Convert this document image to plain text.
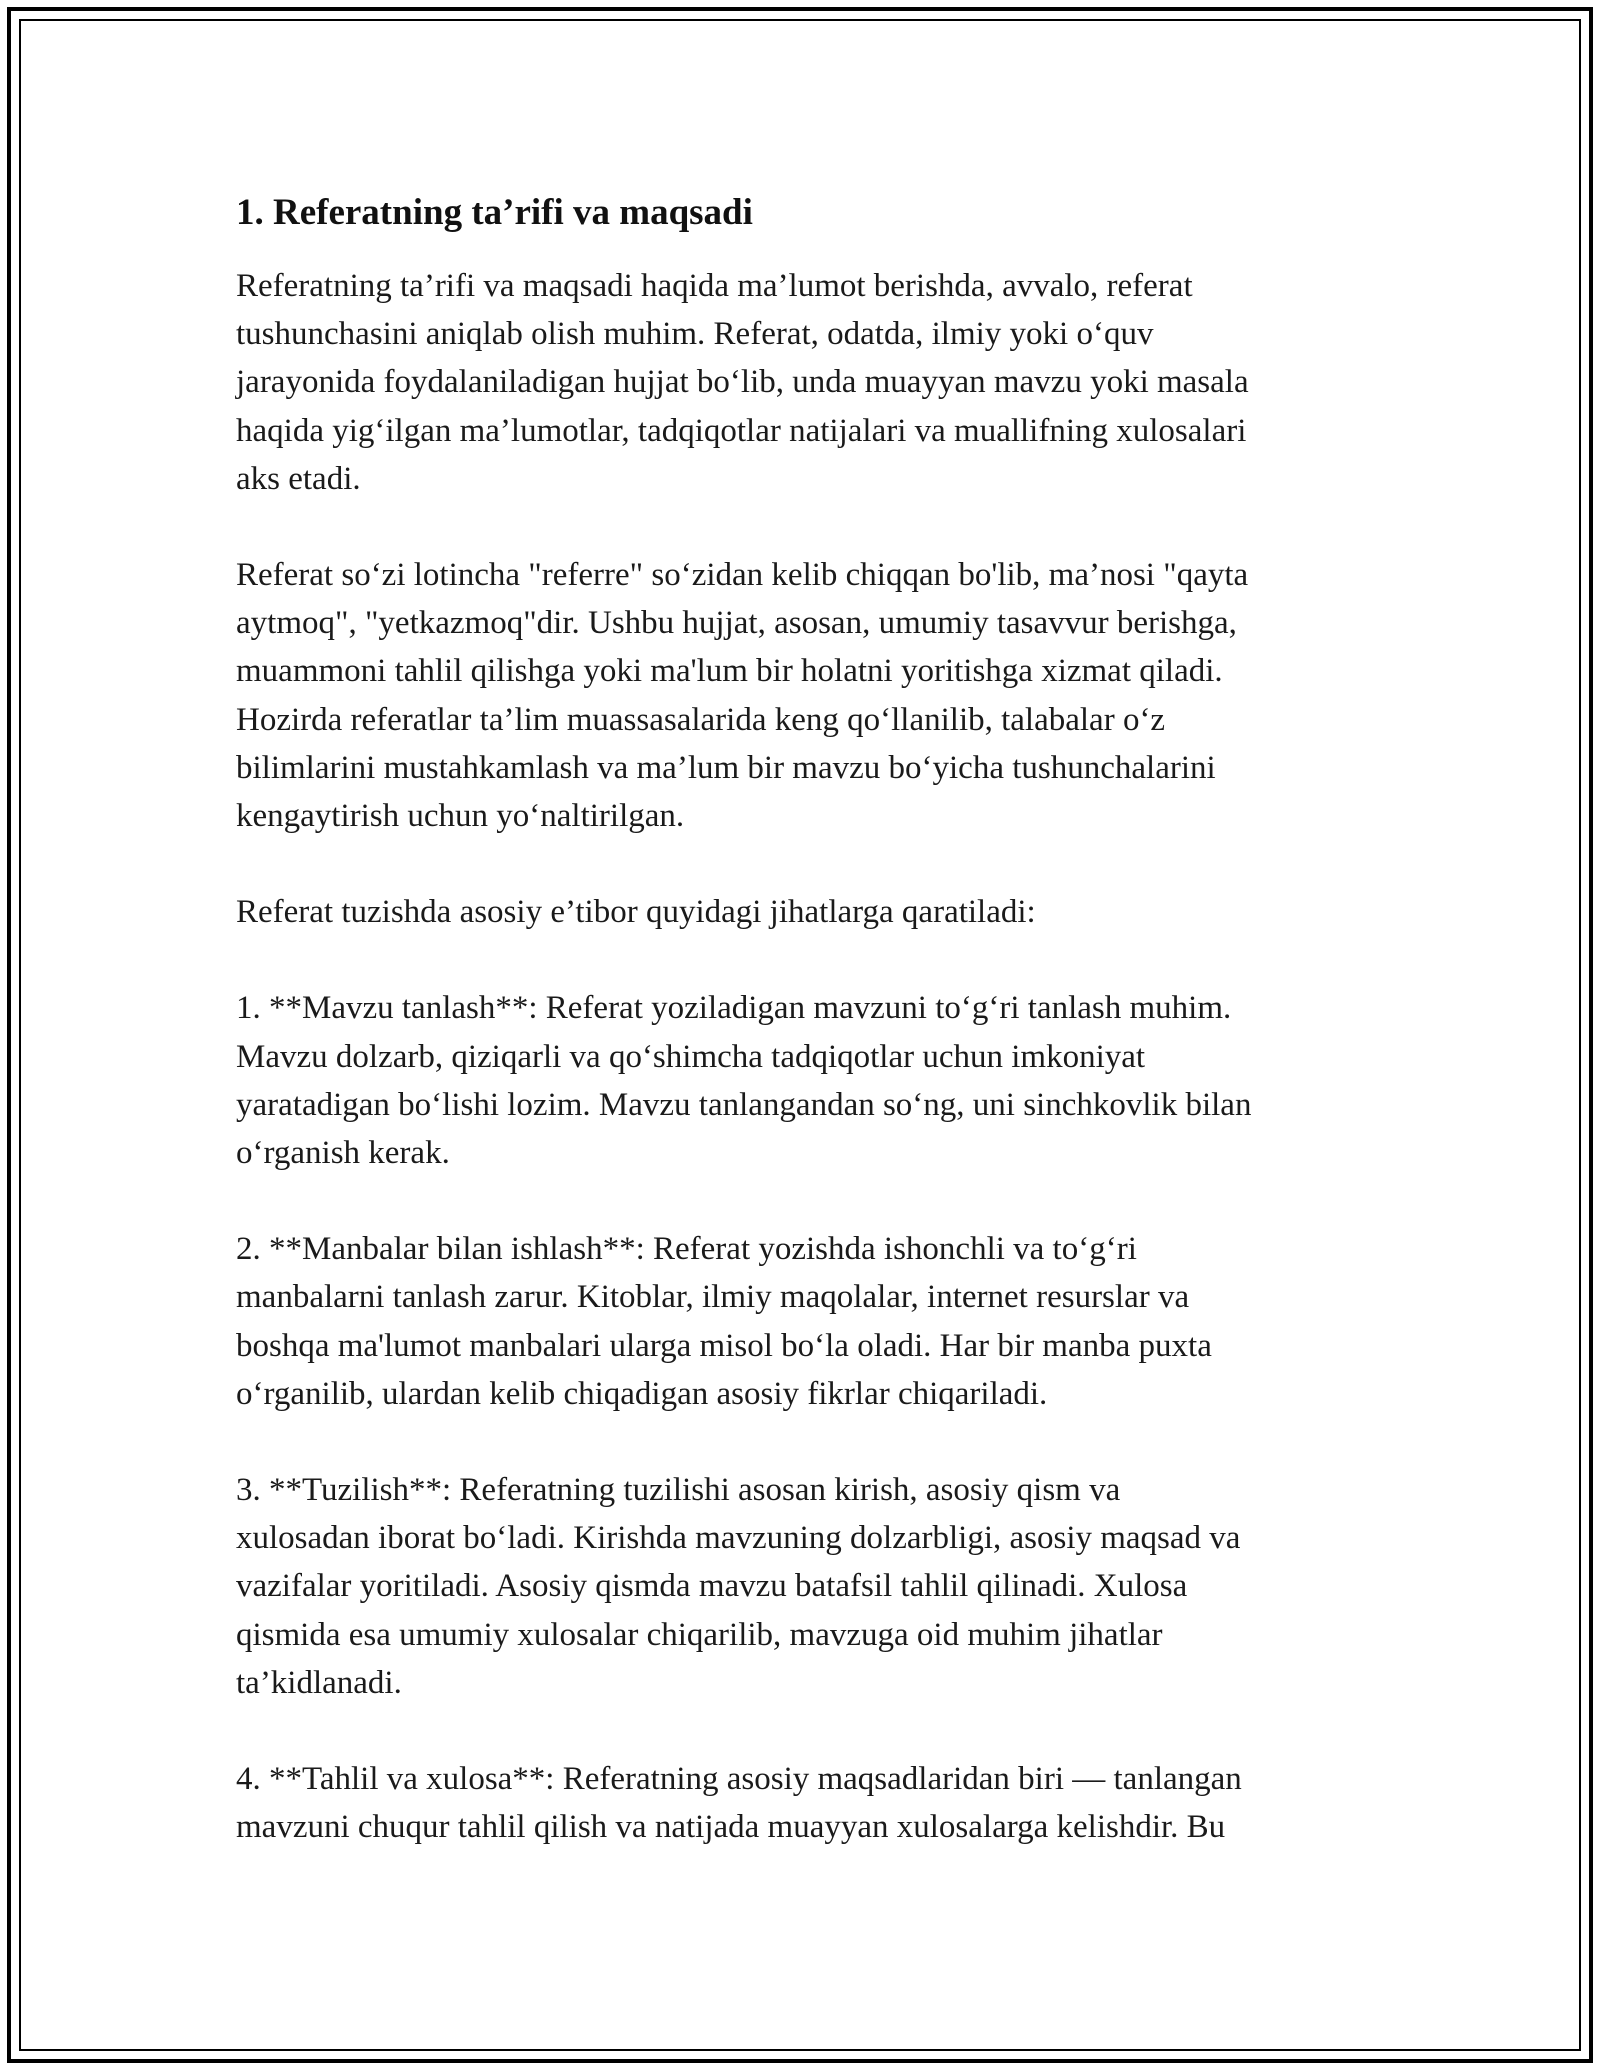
1. Referatning ta’rifi va maqsadi

Referatning ta’rifi va maqsadi haqida ma’lumot berishda, avvalo, referat
tushunchasini aniqlab olish muhim. Referat, odatda, ilmiy yoki o‘quv
jarayonida foydalaniladigan hujjat bo‘lib, unda muayyan mavzu yoki masala
haqida yig‘ilgan ma’lumotlar, tadqiqotlar natijalari va muallifning xulosalari
aks etadi.

Referat so‘zi lotincha "referre" so‘zidan kelib chiqqan bo'lib, ma’nosi "qayta
aytmoq", "yetkazmoq"dir. Ushbu hujjat, asosan, umumiy tasavvur berishga,
muammoni tahlil qilishga yoki ma'lum bir holatni yoritishga xizmat qiladi.
Hozirda referatlar ta’lim muassasalarida keng qo‘llanilib, talabalar o‘z
bilimlarini mustahkamlash va ma’lum bir mavzu bo‘yicha tushunchalarini
kengaytirish uchun yo‘naltirilgan.

Referat tuzishda asosiy e’tibor quyidagi jihatlarga qaratiladi:

1. **Mavzu tanlash**: Referat yoziladigan mavzuni to‘g‘ri tanlash muhim.
Mavzu dolzarb, qiziqarli va qo‘shimcha tadqiqotlar uchun imkoniyat
yaratadigan bo‘lishi lozim. Mavzu tanlangandan so‘ng, uni sinchkovlik bilan
o‘rganish kerak.

2. **Manbalar bilan ishlash**: Referat yozishda ishonchli va to‘g‘ri
manbalarni tanlash zarur. Kitoblar, ilmiy maqolalar, internet resurslar va
boshqa ma'lumot manbalari ularga misol bo‘la oladi. Har bir manba puxta
o‘rganilib, ulardan kelib chiqadigan asosiy fikrlar chiqariladi.

3. **Tuzilish**: Referatning tuzilishi asosan kirish, asosiy qism va
xulosadan iborat bo‘ladi. Kirishda mavzuning dolzarbligi, asosiy maqsad va
vazifalar yoritiladi. Asosiy qismda mavzu batafsil tahlil qilinadi. Xulosa
qismida esa umumiy xulosalar chiqarilib, mavzuga oid muhim jihatlar
ta’kidlanadi.

4. **Tahlil va xulosa**: Referatning asosiy maqsadlaridan biri — tanlangan
mavzuni chuqur tahlil qilish va natijada muayyan xulosalarga kelishdir. Bu
